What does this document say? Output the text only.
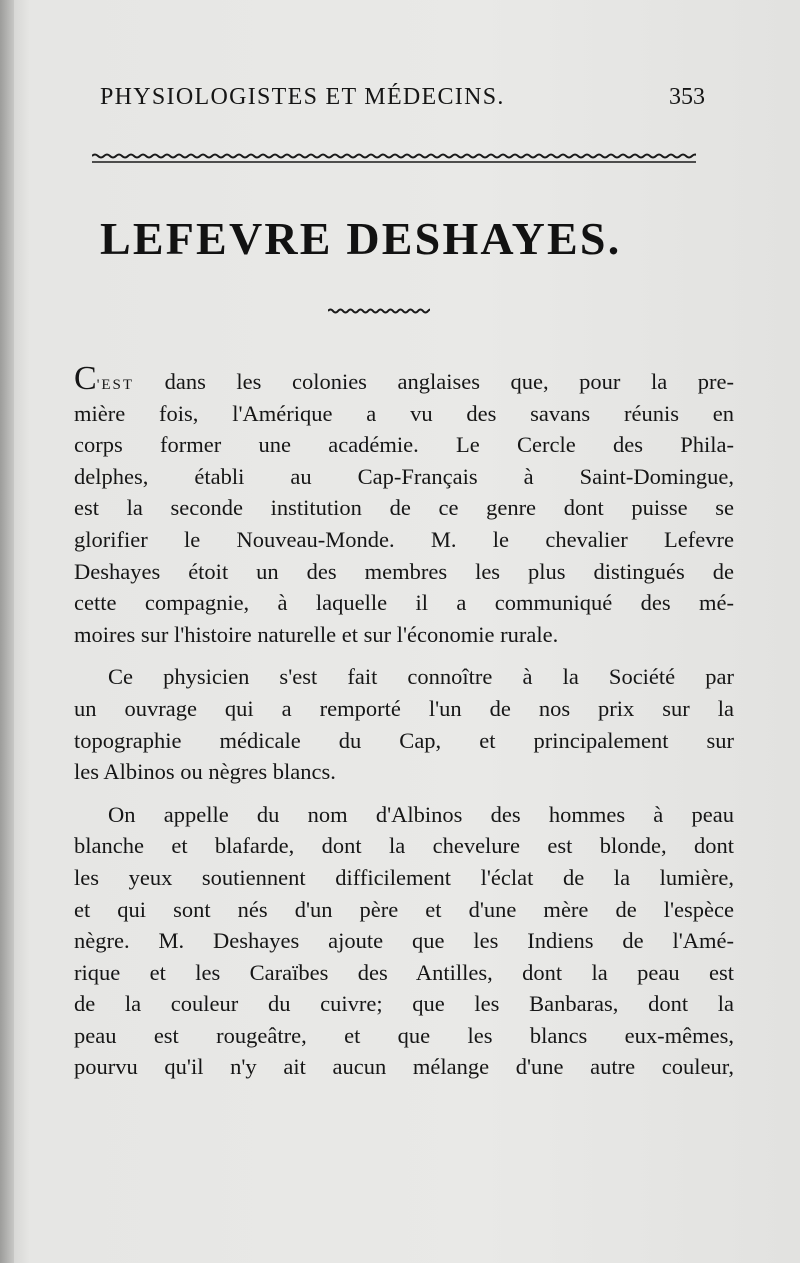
PHYSIOLOGISTES ET MÉDECINS.	353
LEFEVRE DESHAYES.
C'EST dans les colonies anglaises que, pour la pre-
mière fois, l'Amérique a vu des savans réunis en
corps former une académie. Le Cercle des Phila-
delphes, établi au Cap-Français à Saint-Domingue,
est la seconde institution de ce genre dont puisse se
glorifier le Nouveau-Monde. M. le chevalier Lefevre
Deshayes étoit un des membres les plus distingués de
cette compagnie, à laquelle il a communiqué des mé-
moires sur l'histoire naturelle et sur l'économie rurale.
Ce physicien s'est fait connoître à la Société par
un ouvrage qui a remporté l'un de nos prix sur la
topographie médicale du Cap, et principalement sur
les Albinos ou nègres blancs.
On appelle du nom d'Albinos des hommes à peau
blanche et blafarde, dont la chevelure est blonde, dont
les yeux soutiennent difficilement l'éclat de la lumière,
et qui sont nés d'un père et d'une mère de l'espèce
nègre. M. Deshayes ajoute que les Indiens de l'Amé-
rique et les Caraïbes des Antilles, dont la peau est
de la couleur du cuivre; que les Banbaras, dont la
peau est rougeâtre, et que les blancs eux-mêmes,
pourvu qu'il n'y ait aucun mélange d'une autre couleur,
